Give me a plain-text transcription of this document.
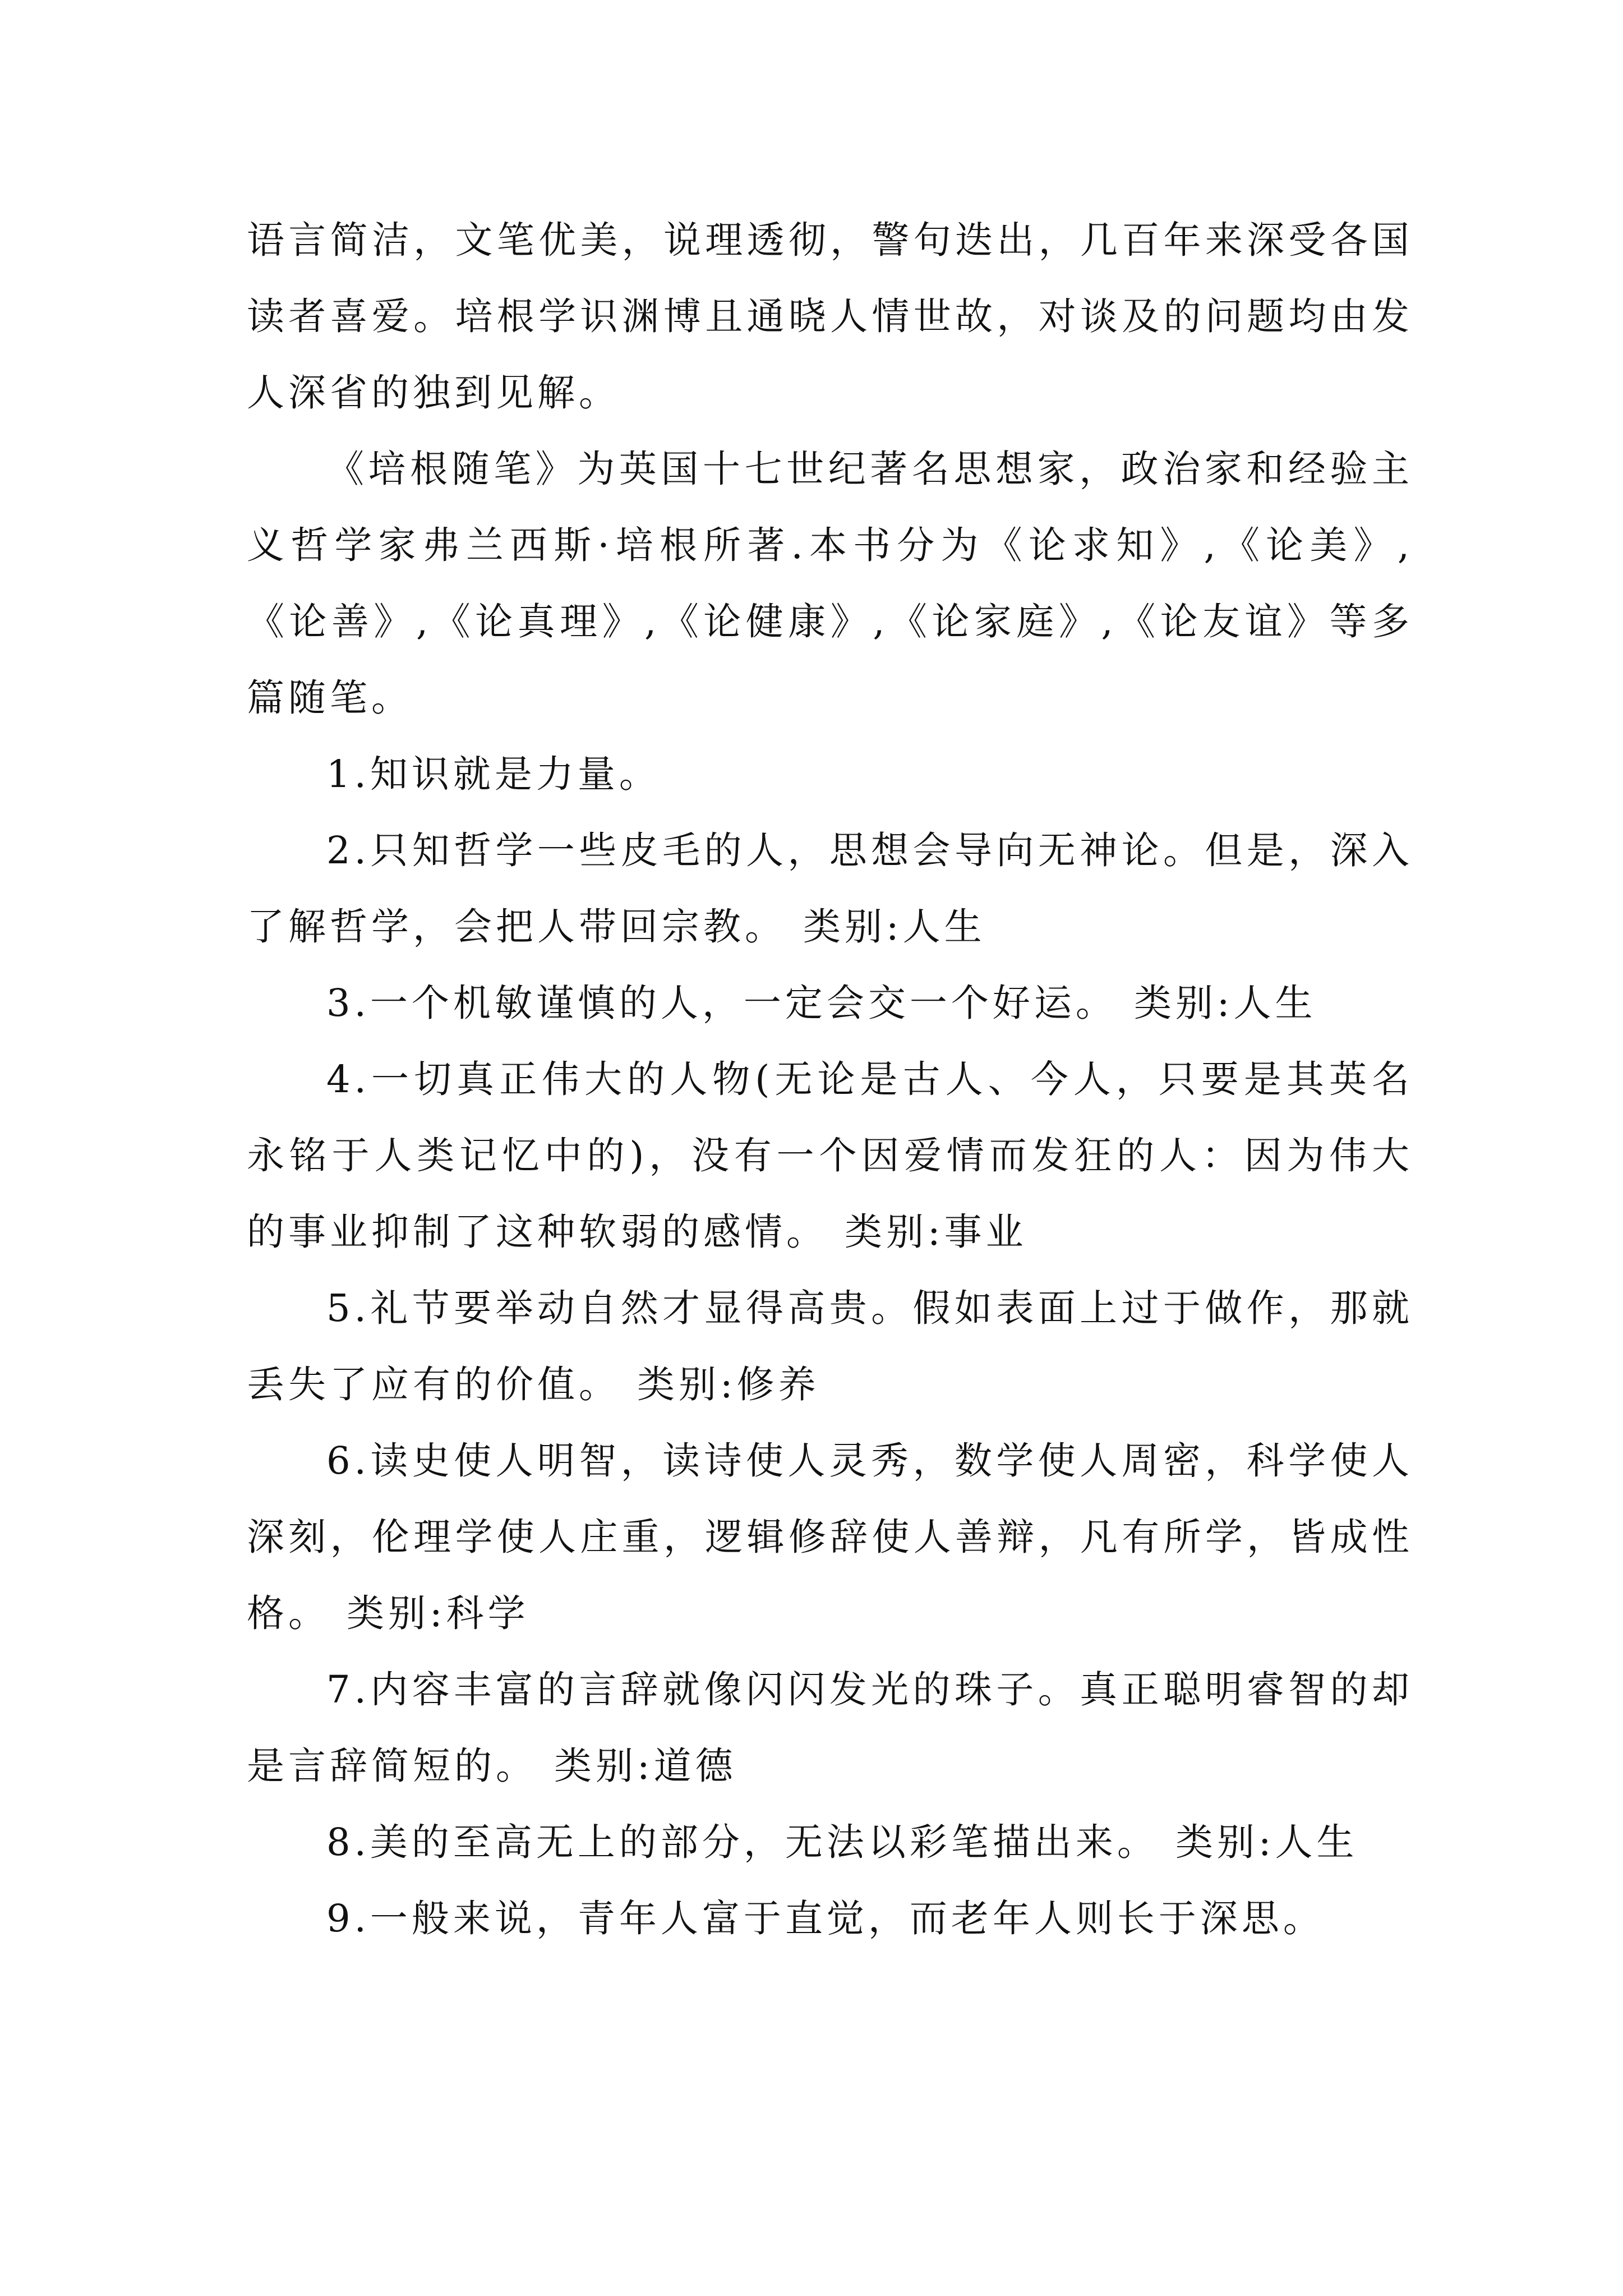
语言简洁，文笔优美，说理透彻，警句迭出，几百年来深受各国读者喜爱。培根学识渊博且通晓人情世故，对谈及的问题均由发人深省的独到见解。

《培根随笔》为英国十七世纪著名思想家，政治家和经验主义哲学家弗兰西斯·培根所著.本书分为《论求知》,《论美》,《论善》,《论真理》,《论健康》,《论家庭》,《论友谊》等多篇随笔。

1.知识就是力量。

2.只知哲学一些皮毛的人，思想会导向无神论。但是，深入了解哲学，会把人带回宗教。 类别:人生

3.一个机敏谨慎的人，一定会交一个好运。 类别:人生

4.一切真正伟大的人物(无论是古人、今人，只要是其英名永铭于人类记忆中的)，没有一个因爱情而发狂的人：因为伟大的事业抑制了这种软弱的感情。 类别:事业

5.礼节要举动自然才显得高贵。假如表面上过于做作，那就丢失了应有的价值。 类别:修养

6.读史使人明智，读诗使人灵秀，数学使人周密，科学使人深刻，伦理学使人庄重，逻辑修辞使人善辩，凡有所学，皆成性格。 类别:科学

7.内容丰富的言辞就像闪闪发光的珠子。真正聪明睿智的却是言辞简短的。 类别:道德

8.美的至高无上的部分，无法以彩笔描出来。 类别:人生

9.一般来说，青年人富于直觉，而老年人则长于深思。
